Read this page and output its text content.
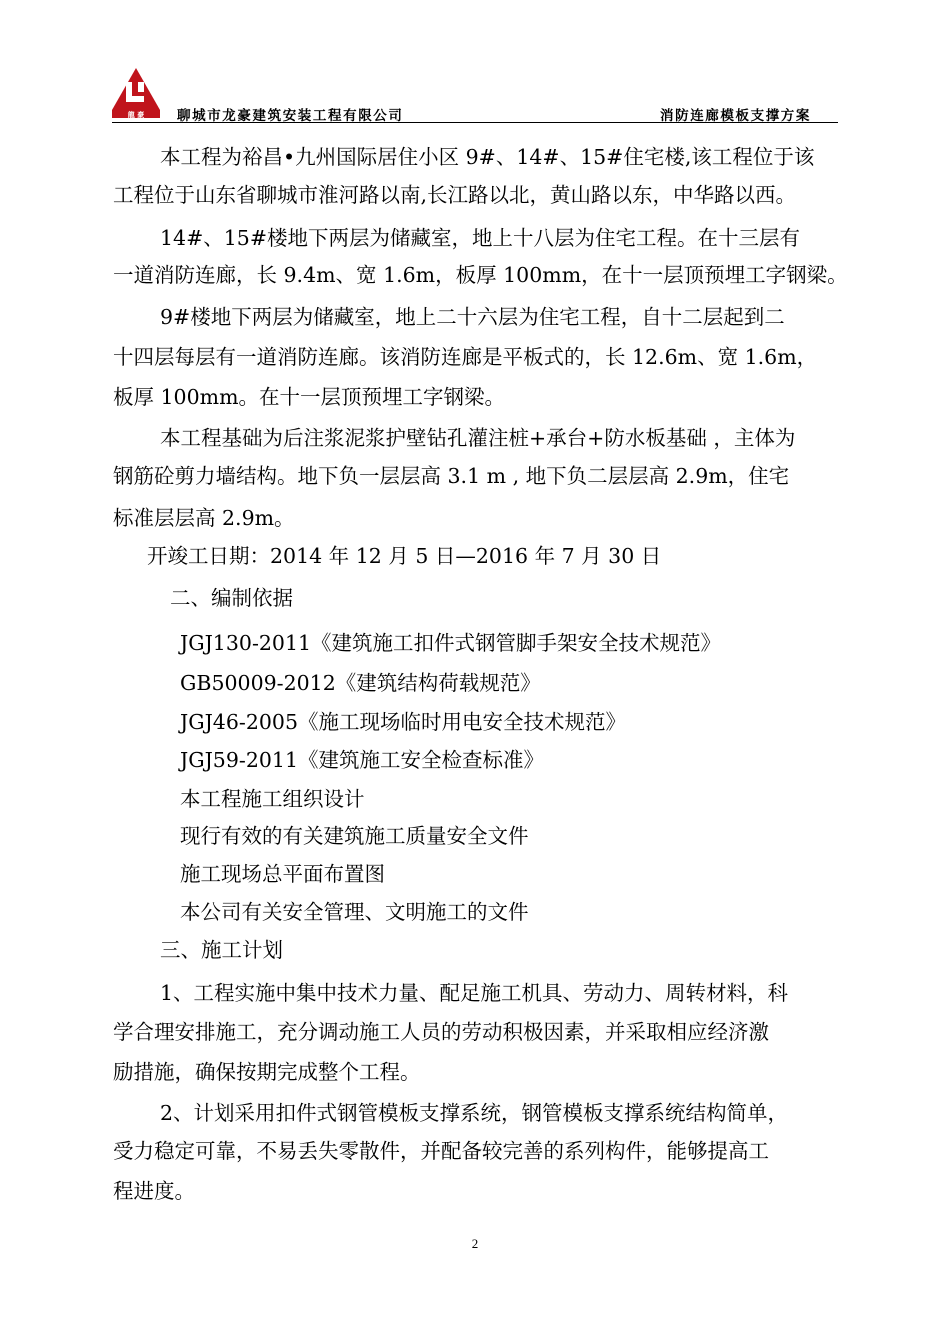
龍 豪 聊城市龙豪建筑安装工程有限公司	消防连廊模板支撑方案
本工程为裕昌•九州国际居住小区 9#、14#、15#住宅楼,该工程位于该
工程位于山东省聊城市淮河路以南,长江路以北，黄山路以东，中华路以西。
14#、15#楼地下两层为储藏室，地上十八层为住宅工程。在十三层有
一道消防连廊，长 9.4m、宽 1.6m，板厚 100mm，在十一层顶预埋工字钢梁。
9#楼地下两层为储藏室，地上二十六层为住宅工程，自十二层起到二
十四层每层有一道消防连廊。该消防连廊是平板式的，长 12.6m、宽 1.6m，
板厚 100mm。在十一层顶预埋工字钢梁。
本工程基础为后注浆泥浆护壁钻孔灌注桩+承台+防水板基础 ，主体为
钢筋砼剪力墙结构。地下负一层层高 3.1 m , 地下负二层层高 2.9m，住宅
标准层层高 2.9m。
开竣工日期：2014 年 12 月 5 日—2016 年 7 月 30 日
二、编制依据
JGJ130-2011《建筑施工扣件式钢管脚手架安全技术规范》
GB50009-2012《建筑结构荷载规范》
JGJ46-2005《施工现场临时用电安全技术规范》
JGJ59-2011《建筑施工安全检查标准》
本工程施工组织设计
现行有效的有关建筑施工质量安全文件
施工现场总平面布置图
本公司有关安全管理、文明施工的文件
三、施工计划
1、工程实施中集中技术力量、配足施工机具、劳动力、周转材料，科
学合理安排施工，充分调动施工人员的劳动积极因素，并采取相应经济激
励措施，确保按期完成整个工程。
2、计划采用扣件式钢管模板支撑系统，钢管模板支撑系统结构简单，
受力稳定可靠，不易丢失零散件，并配备较完善的系列构件，能够提高工
程进度。
2
